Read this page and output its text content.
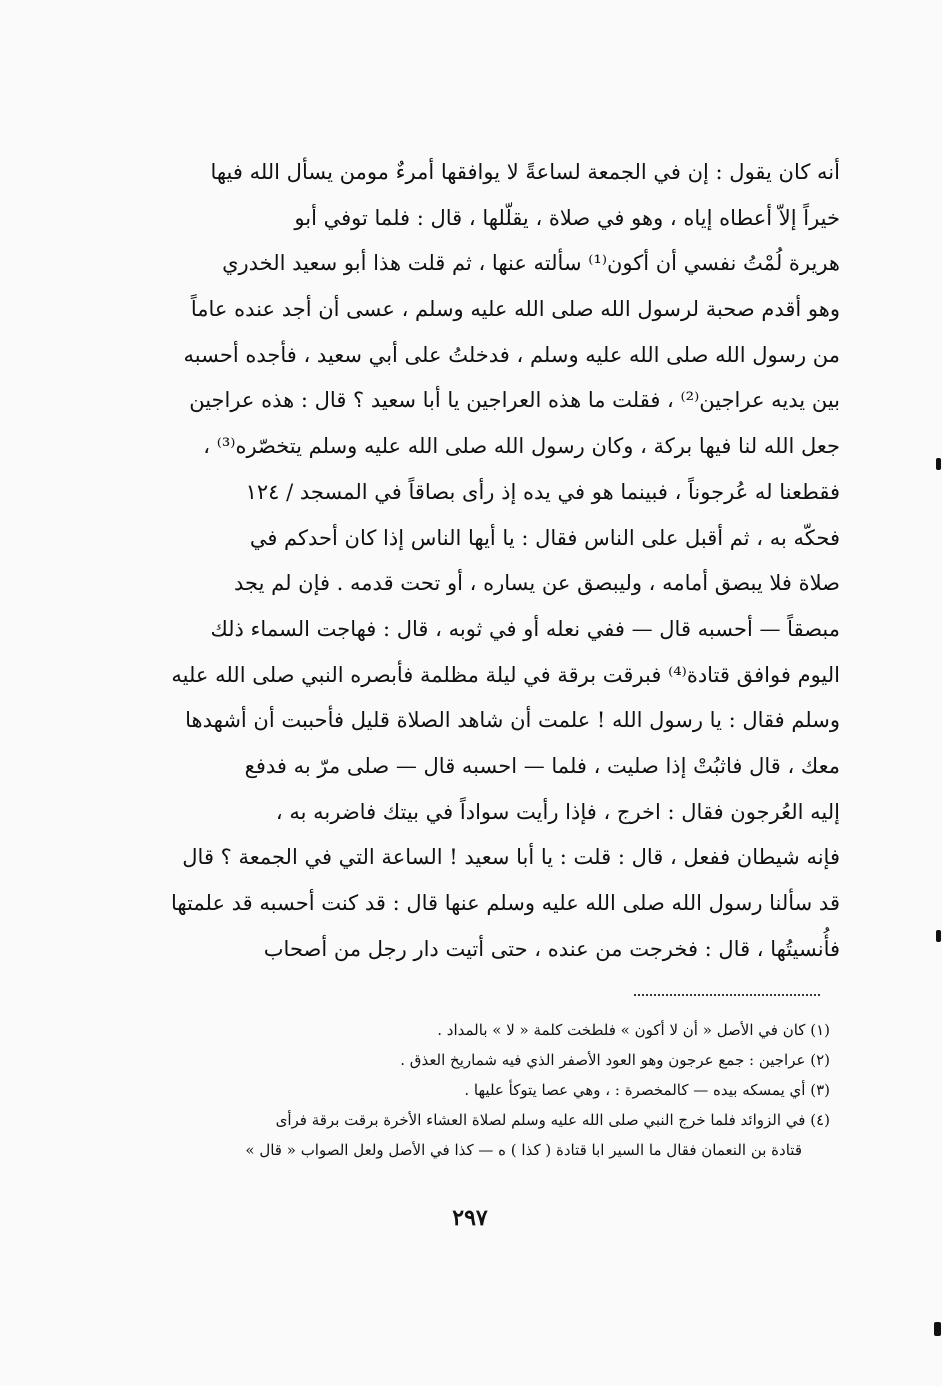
أنه كان يقول : إن في الجمعة لساعةً لا يوافقها أمرءٌ مومن يسأل الله فيها
خيراً إلاّ أعطاه إياه ، وهو في صلاة ، يقلّلها ، قال : فلما توفي أبو
هريرة لُمْتُ نفسي أن أكون⁽¹⁾ سألته عنها ، ثم قلت هذا أبو سعيد الخدري
وهو أقدم صحبة لرسول الله صلى الله عليه وسلم ، عسى أن أجد عنده عاماً
من رسول الله صلى الله عليه وسلم ، فدخلتُ على أبي سعيد ، فأجده أحسبه
بين يديه عراجين⁽²⁾ ، فقلت ما هذه العراجين يا أبا سعيد ؟ قال : هذه عراجين
جعل الله لنا فيها بركة ، وكان رسول الله صلى الله عليه وسلم يتخصّره⁽³⁾ ،
فقطعنا له عُرجوناً ، فبينما هو في يده إذ رأى بصاقاً في المسجد / ١٢٤
فحكّه به ، ثم أقبل على الناس فقال : يا أيها الناس إذا كان أحدكم في
صلاة فلا يبصق أمامه ، وليبصق عن يساره ، أو تحت قدمه . فإن لم يجد
مبصقاً — أحسبه قال — ففي نعله أو في ثوبه ، قال : فهاجت السماء ذلك
اليوم فوافق قتادة⁽⁴⁾ فبرقت برقة في ليلة مظلمة فأبصره النبي صلى الله عليه
وسلم فقال : يا رسول الله ! علمت أن شاهد الصلاة قليل فأحببت أن أشهدها
معك ، قال فاثبُتْ إذا صليت ، فلما — احسبه قال — صلى مرّ به فدفع
إليه العُرجون فقال : اخرج ، فإذا رأيت سواداً في بيتك فاضربه به ،
فإنه شيطان ففعل ، قال : قلت : يا أبا سعيد ! الساعة التي في الجمعة ؟ قال
قد سألنا رسول الله صلى الله عليه وسلم عنها قال : قد كنت أحسبه قد علمتها
فأُنسيتُها ، قال : فخرجت من عنده ، حتى أتيت دار رجل من أصحاب
(١) كان في الأصل « أن لا أكون » فلطخت كلمة « لا » بالمداد .
(٢) عراجين : جمع عرجون وهو العود الأصفر الذي فيه شماريخ العذق .
(٣) أي يمسكه بيده — كالمخصرة : ، وهي عصا يتوكأ عليها .
(٤) في الزوائد فلما خرج النبي صلى الله عليه وسلم لصلاة العشاء الأخرة برقت برقة فرأى
قتادة بن النعمان فقال ما السير ابا قتادة ( كذا ) ه — كذا في الأصل ولعل الصواب « قال »
٢٩٧
